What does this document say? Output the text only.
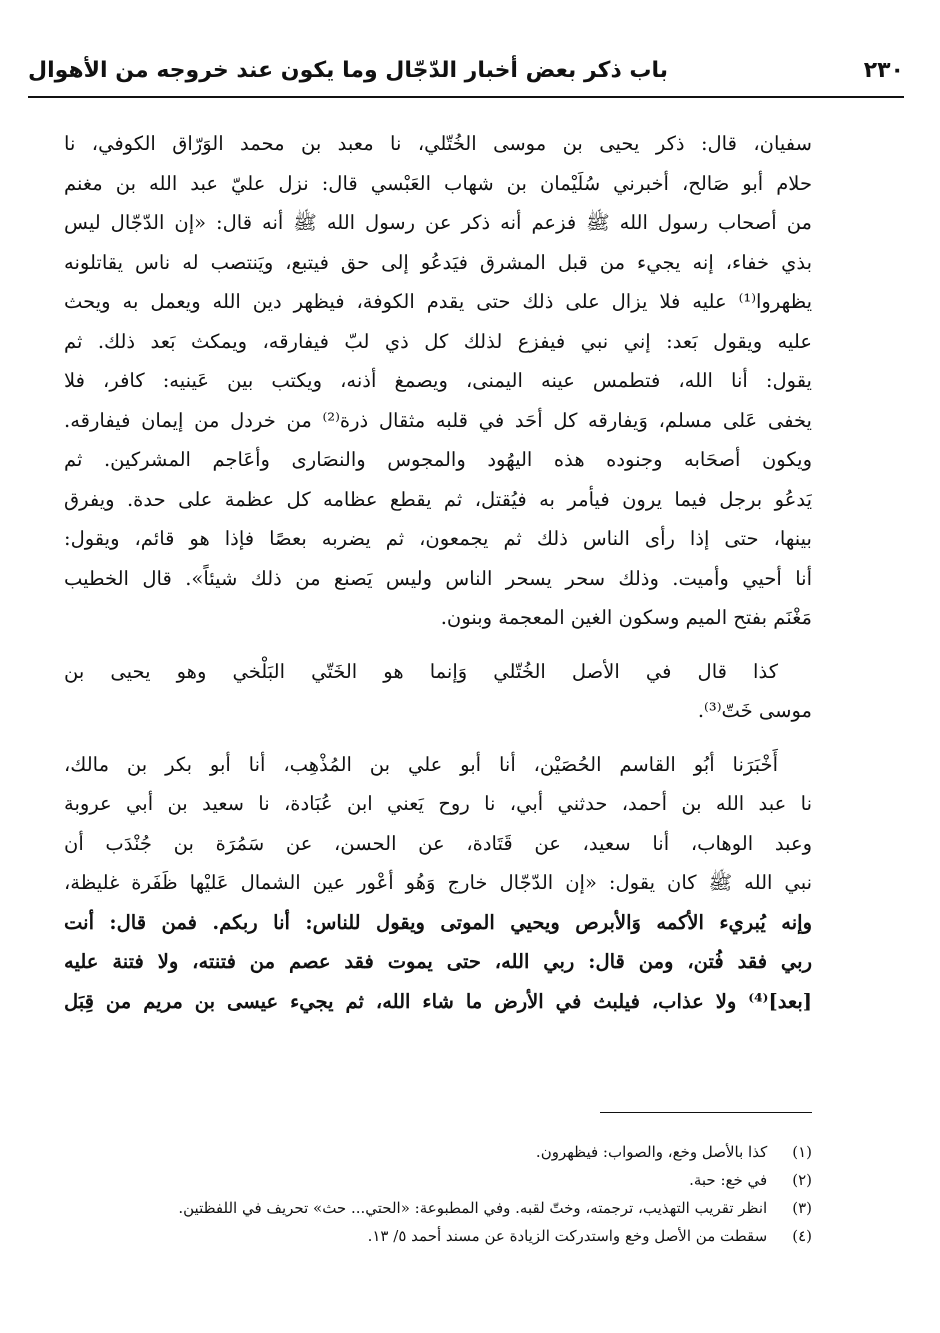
٢٣٠
باب ذكر بعض أخبار الدّجّال وما يكون عند خروجه من الأهوال
سفيان، قال: ذكر يحيى بن موسى الخُتّلي، نا معبد بن محمد الوَرّاق الكوفي، نا
حلام أبو صَالح، أخبرني سُلَيْمان بن شهاب العَبْسي قال: نزل عليّ عبد الله بن مغنم
من أصحاب رسول الله ﷺ فزعم أنه ذكر عن رسول الله ﷺ أنه قال: «إن الدّجّال ليس
بذي خفاء، إنه يجيء من قبل المشرق فيَدعُو إلى حق فيتبع، ويَنتصب له ناس يقاتلونه
يظهروا⁽¹⁾ عليه فلا يزال على ذلك حتى يقدم الكوفة، فيظهر دين الله ويعمل به ويحث
عليه ويقول بَعد: إني نبي فيفزع لذلك كل ذي لبّ فيفارقه، ويمكث بَعد ذلك. ثم
يقول: أنا الله، فتطمس عينه اليمنى، ويصمغ أذنه، ويكتب بين عَينيه: كافر، فلا
يخفى عَلى مسلم، وَيفارقه كل أحَد في قلبه مثقال ذرة⁽²⁾ من خردل من إيمان فيفارقه.
ويكون أصحَابه وجنوده هذه اليهُود والمجوس والنصَارى وأعَاجم المشركين. ثم
يَدعُو برجل فيما يرون فيأمر به فيُقتل، ثم يقطع عظامه كل عظمة على حدة. ويفرق
بينها، حتى إذا رأى الناس ذلك ثم يجمعون، ثم يضربه بعصًا فإذا هو قائم، ويقول:
أنا أحيي وأميت. وذلك سحر يسحر الناس وليس يَصنع من ذلك شيئاً». قال الخطيب
مَغْنَم بفتح الميم وسكون الغين المعجمة وبنون.
كذا قال في الأصل الخُتّلي وَإنما هو الخَتّي البَلْخي وهو يحيى بن
موسى خَتّ⁽³⁾.
أَخْبَرَنا أبُو القاسم الحُصَيْن، أنا أبو علي بن المُذْهِب، أنا أبو بكر بن مالك،
نا عبد الله بن أحمد، حدثني أبي، نا روح يَعني ابن عُبَادة، نا سعيد بن أبي عروبة
وعبد الوهاب، أنا سعيد، عن قَتَادة، عن الحسن، عن سَمُرَة بن جُنْدَب أن
نبي الله ﷺ كان يقول: «إن الدّجّال خارج وَهُو أعْور عين الشمال عَليْها ظَفَرة غليظة،
وإنه يُبريء الأكمه وَالأبرص ويحيي الموتى ويقول للناس: أنا ربكم. فمن قال: أنت
ربي فقد فُتن، ومن قال: ربي الله، حتى يموت فقد عصم من فتنته، ولا فتنة عليه
[بعد]⁽⁴⁾ ولا عذاب، فيلبث في الأرض ما شاء الله، ثم يجيء عيسى بن مريم من قِبَل
(١) كذا بالأصل وخع، والصواب: فيظهرون.
(٢) في خع: حبة.
(٣) انظر تقريب التهذيب، ترجمته، وختّ لقبه. وفي المطبوعة: «الحتي... حث» تحريف في اللفظتين.
(٤) سقطت من الأصل وخع واستدركت الزيادة عن مسند أحمد ٥/ ١٣.
